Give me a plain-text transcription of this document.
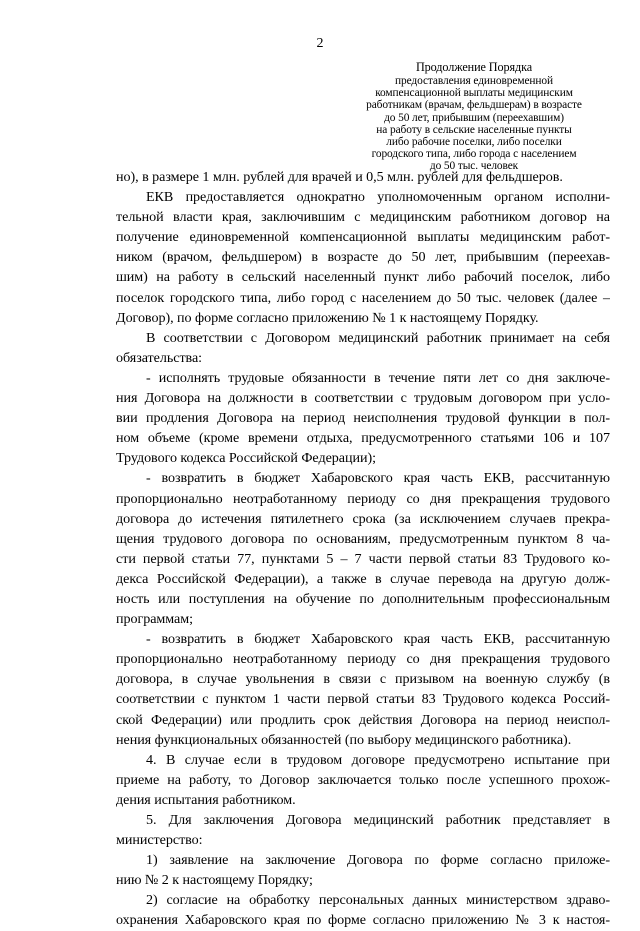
2
Продолжение Порядка
предоставления единовременной
компенсационной выплаты медицинским
работникам (врачам, фельдшерам) в возрасте
до 50 лет, прибывшим (переехавшим)
на работу в сельские населенные пункты
либо рабочие поселки, либо поселки
городского типа, либо города с населением
до 50 тыс. человек
но), в размере 1 млн. рублей для врачей и 0,5 млн. рублей для фельдшеров.
ЕКВ предоставляется однократно уполномоченным органом исполни-
тельной власти края, заключившим с медицинским работником договор на
получение единовременной компенсационной выплаты медицинским работ-
ником (врачом, фельдшером) в возрасте до 50 лет, прибывшим (переехав-
шим) на работу в сельский населенный пункт либо рабочий поселок, либо
поселок городского типа, либо город с населением до 50 тыс. человек (далее –
Договор), по форме согласно приложению № 1 к настоящему Порядку.
В соответствии с Договором медицинский работник принимает на себя
обязательства:
- исполнять трудовые обязанности в течение пяти лет со дня заключе-
ния Договора на должности в соответствии с трудовым договором при усло-
вии продления Договора на период неисполнения трудовой функции в пол-
ном объеме (кроме времени отдыха, предусмотренного статьями 106 и 107
Трудового кодекса Российской Федерации);
- возвратить в бюджет Хабаровского края часть ЕКВ, рассчитанную
пропорционально неотработанному периоду со дня прекращения трудового
договора до истечения пятилетнего срока (за исключением случаев прекра-
щения трудового договора по основаниям, предусмотренным пунктом 8 ча-
сти первой статьи 77, пунктами 5 – 7 части первой статьи 83 Трудового ко-
декса Российской Федерации), а также в случае перевода на другую долж-
ность или поступления на обучение по дополнительным профессиональным
программам;
- возвратить в бюджет Хабаровского края часть ЕКВ, рассчитанную
пропорционально неотработанному периоду со дня прекращения трудового
договора, в случае увольнения в связи с призывом на военную службу (в
соответствии с пунктом 1 части первой статьи 83 Трудового кодекса Россий-
ской Федерации) или продлить срок действия Договора на период неиспол-
нения функциональных обязанностей (по выбору медицинского работника).
4. В случае если в трудовом договоре предусмотрено испытание при
приеме на работу, то Договор заключается только после успешного прохож-
дения испытания работником.
5. Для заключения Договора медицинский работник представляет в
министерство:
1) заявление на заключение Договора по форме согласно приложе-
нию № 2 к настоящему Порядку;
2) согласие на обработку персональных данных министерством здраво-
охранения Хабаровского края по форме согласно приложению № 3 к настоя-
